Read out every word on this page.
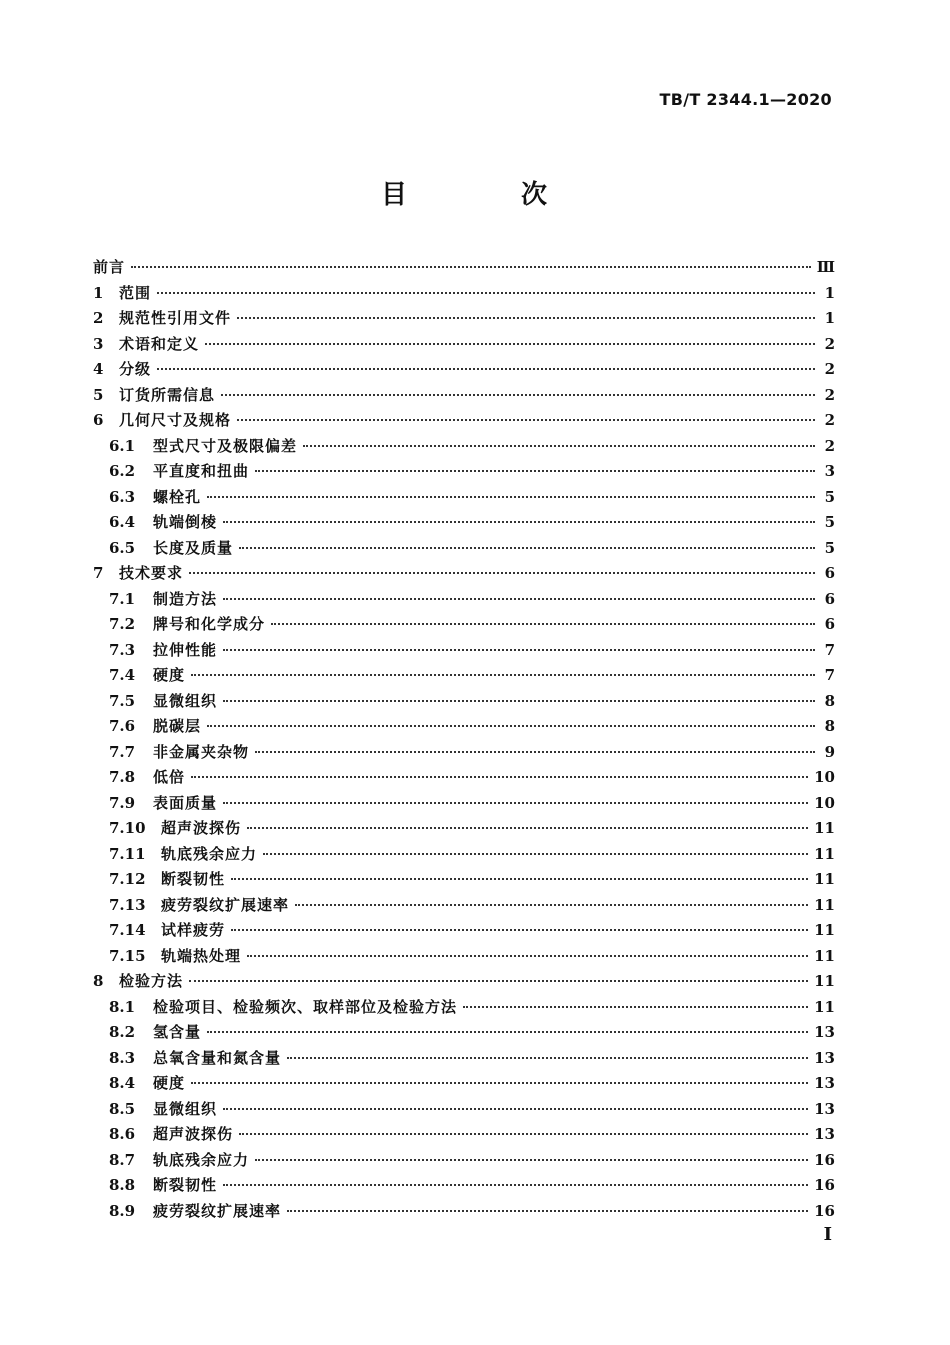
TB/T 2344.1—2020
目　次
前言	Ⅲ
1	范围	1
2	规范性引用文件	1
3	术语和定义	2
4	分级	2
5	订货所需信息	2
6	几何尺寸及规格	2
6.1	型式尺寸及极限偏差	2
6.2	平直度和扭曲	3
6.3	螺栓孔	5
6.4	轨端倒棱	5
6.5	长度及质量	5
7	技术要求	6
7.1	制造方法	6
7.2	牌号和化学成分	6
7.3	拉伸性能	7
7.4	硬度	7
7.5	显微组织	8
7.6	脱碳层	8
7.7	非金属夹杂物	9
7.8	低倍	10
7.9	表面质量	10
7.10	超声波探伤	11
7.11	轨底残余应力	11
7.12	断裂韧性	11
7.13	疲劳裂纹扩展速率	11
7.14	试样疲劳	11
7.15	轨端热处理	11
8	检验方法	11
8.1	检验项目、检验频次、取样部位及检验方法	11
8.2	氢含量	13
8.3	总氧含量和氮含量	13
8.4	硬度	13
8.5	显微组织	13
8.6	超声波探伤	13
8.7	轨底残余应力	16
8.8	断裂韧性	16
8.9	疲劳裂纹扩展速率	16
I
